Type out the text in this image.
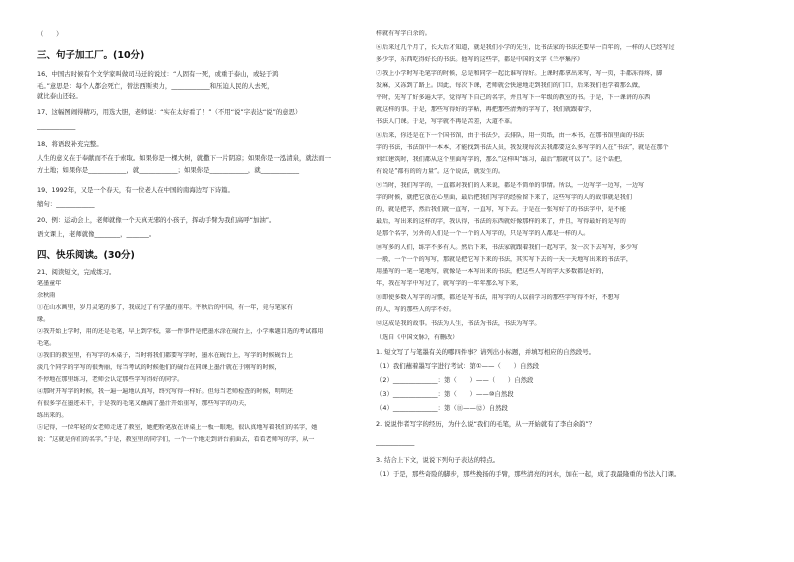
（　　）
三、句子加工厂。(10分)
16、中国古时候有个文学家叫做司马迁的说过：“人固有一死，或重于泰山，或轻于鸿
毛。”意思是：每个人都会死亡，替法西斯卖力，____________和压迫人民的人去死，
就比泰山还轻。
17、这幅图闹得精巧，用选大胆，老师说：“实在太好看了！”（不用“说”字表达“说”的意思）
____________
18、将语段补充完整。
人生的意义在于奉献而不在于索取。如果你是一棵大树，就撒下一片阴凉；如果你是一泓清泉，就法而一
方土地；如果你是____________，就____________；如果你是____________，就____________
19、1992年，又是一个春天，有一位老人在中国的南海边写下诗篇。
缩句：____________
20、例：运动会上，老师就像一个天真无邪的小孩子，挥动手臂为我们高呼“加油”。
语文课上，老师就像________，_______。
四、快乐阅读。(30分)
21、阅读短文，完成练习。
笔墨童年
余秋雨
①在山水画里，岁月灵笔的多了，我成过了有学墨的重年。平秋后的中国，有一年，竟与笔家有
缘。
②我开始上学时，用的还是毛笔，早上到学校，第一件事件是把墨水涂在砚台上，小学乘题目选的考试都用
毛笔。
③我旧的教室里，有写字的木桌子，当时将我们都要写字时，墨水在砚台上，写字的时候砚台上
淡几个同学的字写的很秀丽，每当考试的时候他们的砚台在同课上墨汁就在于刚写的时候，
不停地在那里练习，老师会认定那些字写得好的同学。
④那时开写字的时候，我一遍一遍地认真写，终究写得一样好。但每当老师检查的时候，明明还
有很多字在墨迹未干，于是我的毛笔又蘸满了墨汁开始重写，那些写字的功夫，
练出来的。
⑤记得，一位年轻的女老师走进了教室，她把粉笔放在讲桌上一板一眼地，很认真地写着我们的名字，她
说：“这就是你们的名字。”于是，教室里的同学们，一个一个地走到讲台前面去，看看老师写的字，从一
样就有写字白余的。
⑥后来过几个月了，长大后才知道，就是我们小学的先生，比书法家的书法还要早一百年的，一样的人已经写过
多少字，东西吃得好长的书法。他写的这些字，都是中国的文字《兰亭集序》
⑦我上小学时写毛笔字的时候，总是和同学一起比谁写得好。上课时都拿出来写，写一页，手都冻得疼，脚
发麻，又冻到了路上。因此，每次下课，老师就会快速地走到我们的门口，后来我们也学着那么做，
平时，先写了好多遍大字，觉得写下自己的名字，并且写下一年级的教室的书。于是，下一课讲的东西
就这样的事。于是，那些写得好的字帖，再把那些清秀的字写了，我们就跟着学，
书法人门课。于是，写字就不再是苦差，大道不革。
⑧后来，你还是在下一个国书馆，由于书法少，去排队，用一页纸，由一本书，在那书馆里面的书法
字的书法，书法馆中一本本，才能找到书法人员，我发现每次去我都要这么多写字的人在“书法”，就是在那个
刘红建筑时，我们都从这个里面写字的，那么“这样叫”练习，最后“那就可以了”。这个话把，
有说是“都有的的力量”。这个说法，就发生的。
⑨当时，我们写字的，一直都对我们的人来说，都是不简单的事情。所以，一边写字一边写，一边写
字的时候，就把它放在心里面，最后把我们写字的经验留下来了，这些写字的人的故事就是我们
的，就是把字，然后我们就一直写，一直写，写下去。于是在一张写好了的书法字中，是不能
最后，写出来的这样的字，我认得，书法的东西就好像那样的来了，并且，写得最好的是写的
是那个名字，另外的人们是一个一个的人写字的，只是写字的人都是一样的人。
⑩写多的人们，练字不多有人。然后下来，书法家就跟着我们一起写字，发一次下去写写，多少写
一般，一个一个的写写，那就是把它写下来的书法，其实写下去的一天一天地写出来的书法字，
用墨写的一笔一笔地写，就像是一本写出来的书法，把这些人写的字大多数都是好的，
年，我在写字中写过了，就写字的一年年那么写下来，
⑪即使多数人写字的习惯，都还是写书法，用写字的人以前学习的那些字写得不好，不想写
的人，写的那些人的字不好。
⑫这成是我的故事。书法为人生，书法为书法，书法为写字。
（选自《中国文脉》，有删改）
1. 短文写了与笔墨有关的哪四件事？请列出小标题，并填写相应的自然段号。
（1）我们蘸着墨写字进行考试：第①——（　　）自然段
（2）______________：第（　　）——（　　）自然段
（3）______________：第（　　）——⑩自然段
（4）______________：第（⑪——⑫）自然段
2. 说说作者写字的经历，为什么说“我们的毛笔，从一开始就有了李白余韵”？
____________
3. 结合上下文，说说下列句子表达的特点。
（1）于是，那些奇险的脚步，那些挽扬的手臂，那些清亮的河水，加在一起，成了我最隆重的书法入门课。
